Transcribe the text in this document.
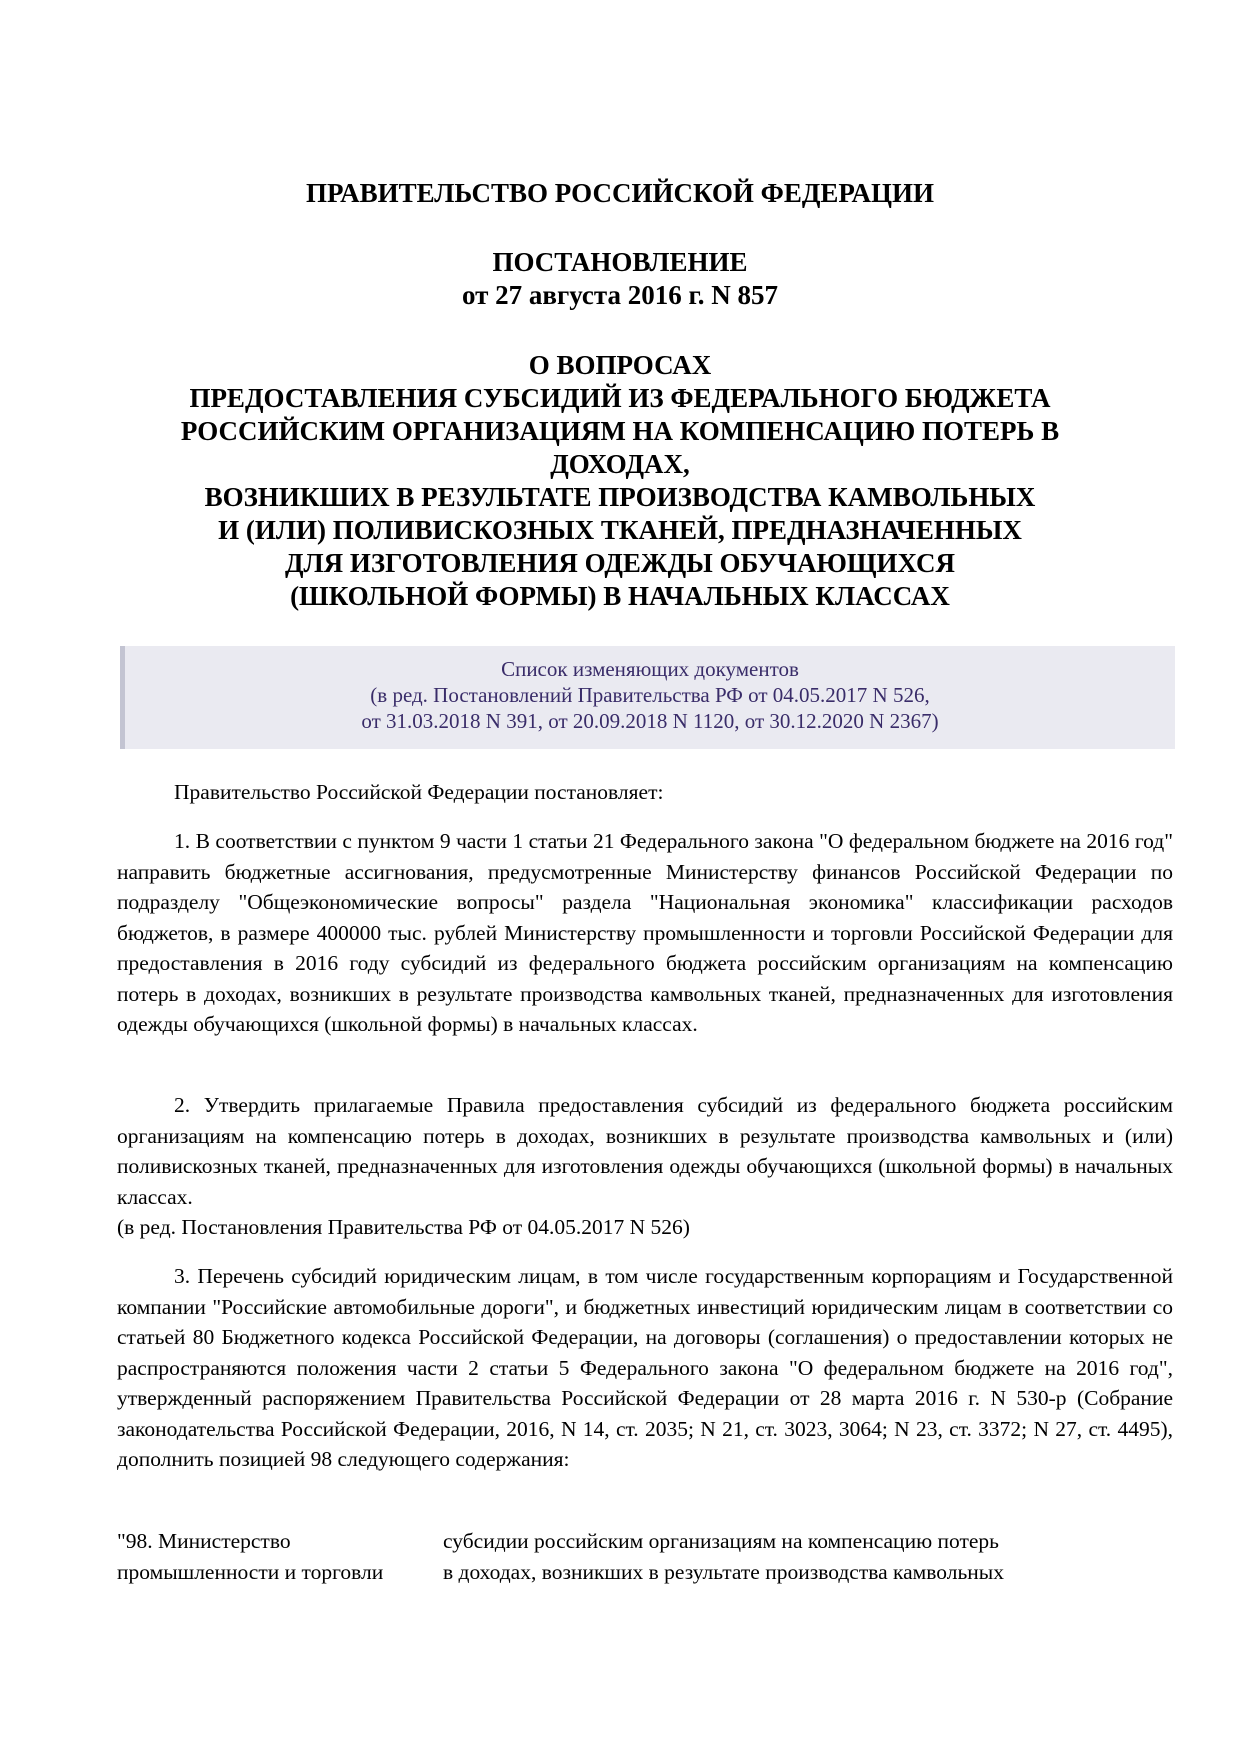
ПРАВИТЕЛЬСТВО РОССИЙСКОЙ ФЕДЕРАЦИИ
ПОСТАНОВЛЕНИЕ
от 27 августа 2016 г. N 857
О ВОПРОСАХ
ПРЕДОСТАВЛЕНИЯ СУБСИДИЙ ИЗ ФЕДЕРАЛЬНОГО БЮДЖЕТА
РОССИЙСКИМ ОРГАНИЗАЦИЯМ НА КОМПЕНСАЦИЮ ПОТЕРЬ В
ДОХОДАХ,
ВОЗНИКШИХ В РЕЗУЛЬТАТЕ ПРОИЗВОДСТВА КАМВОЛЬНЫХ
И (ИЛИ) ПОЛИВИСКОЗНЫХ ТКАНЕЙ, ПРЕДНАЗНАЧЕННЫХ
ДЛЯ ИЗГОТОВЛЕНИЯ ОДЕЖДЫ ОБУЧАЮЩИХСЯ
(ШКОЛЬНОЙ ФОРМЫ) В НАЧАЛЬНЫХ КЛАССАХ
Список изменяющих документов
(в ред. Постановлений Правительства РФ от 04.05.2017 N 526,
от 31.03.2018 N 391, от 20.09.2018 N 1120, от 30.12.2020 N 2367)

Правительство Российской Федерации постановляет:

1. В соответствии с пунктом 9 части 1 статьи 21 Федерального закона "О федеральном бюджете на 2016 год" направить бюджетные ассигнования, предусмотренные Министерству финансов Российской Федерации по подразделу "Общеэкономические вопросы" раздела "Национальная экономика" классификации расходов бюджетов, в размере 400000 тыс. рублей Министерству промышленности и торговли Российской Федерации для предоставления в 2016 году субсидий из федерального бюджета российским организациям на компенсацию потерь в доходах, возникших в результате производства камвольных тканей, предназначенных для изготовления одежды обучающихся (школьной формы) в начальных классах.

2. Утвердить прилагаемые Правила предоставления субсидий из федерального бюджета российским организациям на компенсацию потерь в доходах, возникших в результате производства камвольных и (или) поливискозных тканей, предназначенных для изготовления одежды обучающихся (школьной формы) в начальных классах.
(в ред. Постановления Правительства РФ от 04.05.2017 N 526)

3. Перечень субсидий юридическим лицам, в том числе государственным корпорациям и Государственной компании "Российские автомобильные дороги", и бюджетных инвестиций юридическим лицам в соответствии со статьей 80 Бюджетного кодекса Российской Федерации, на договоры (соглашения) о предоставлении которых не распространяются положения части 2 статьи 5 Федерального закона "О федеральном бюджете на 2016 год", утвержденный распоряжением Правительства Российской Федерации от 28 марта 2016 г. N 530-р (Собрание законодательства Российской Федерации, 2016, N 14, ст. 2035; N 21, ст. 3023, 3064; N 23, ст. 3372; N 27, ст. 4495), дополнить позицией 98 следующего содержания:

"98. Министерство	субсидии российским организациям на компенсацию потерь
промышленности и торговли	в доходах, возникших в результате производства камвольных
